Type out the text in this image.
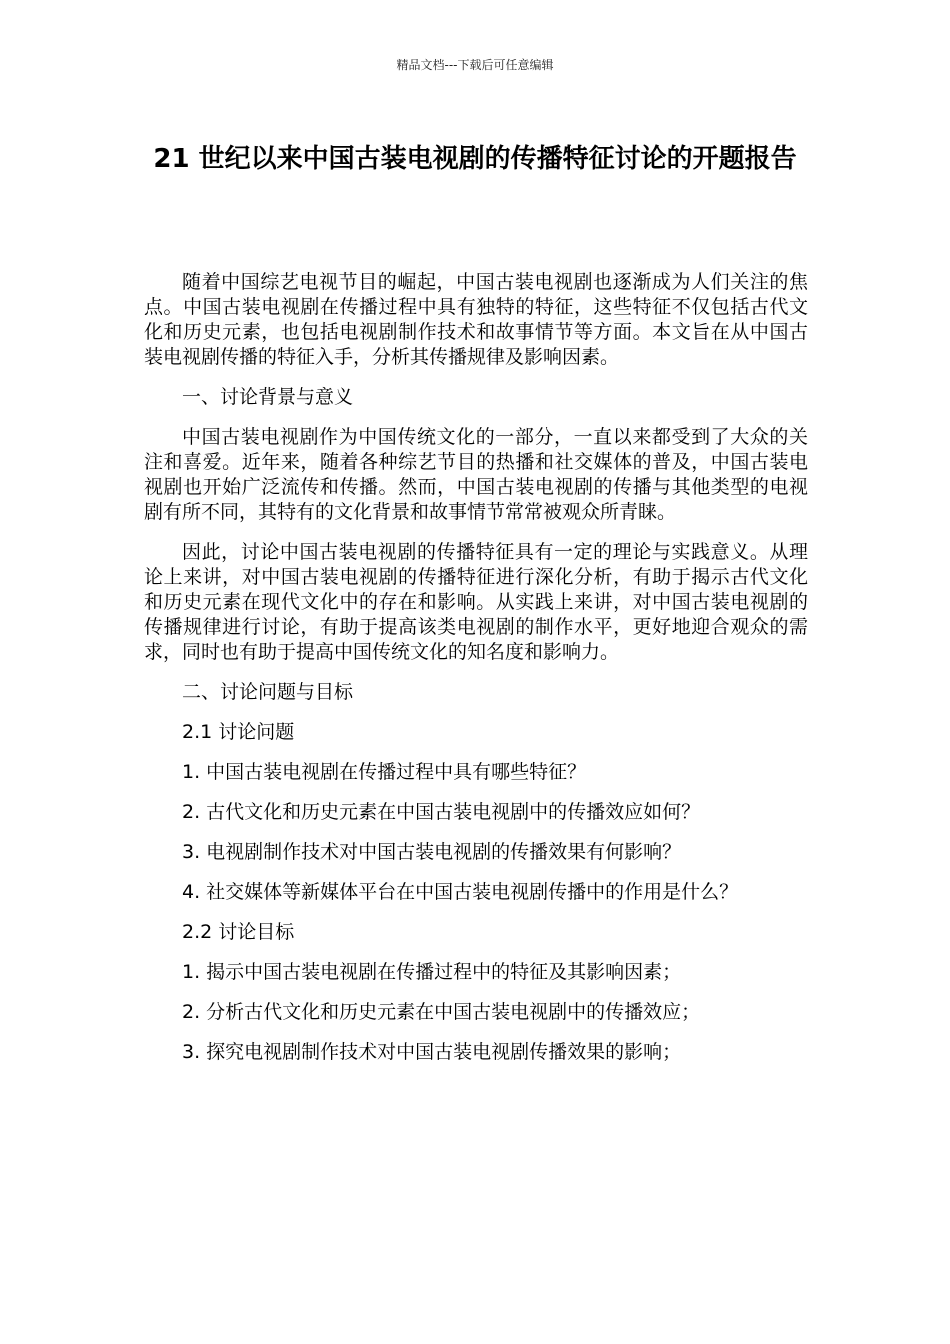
精品文档---下载后可任意编辑
21 世纪以来中国古装电视剧的传播特征讨论的开题报告

随着中国综艺电视节目的崛起，中国古装电视剧也逐渐成为人们关注的焦点。中国古装电视剧在传播过程中具有独特的特征，这些特征不仅包括古代文化和历史元素，也包括电视剧制作技术和故事情节等方面。本文旨在从中国古装电视剧传播的特征入手，分析其传播规律及影响因素。

一、讨论背景与意义

中国古装电视剧作为中国传统文化的一部分，一直以来都受到了大众的关注和喜爱。近年来，随着各种综艺节目的热播和社交媒体的普及，中国古装电视剧也开始广泛流传和传播。然而，中国古装电视剧的传播与其他类型的电视剧有所不同，其特有的文化背景和故事情节常常被观众所青睐。

因此，讨论中国古装电视剧的传播特征具有一定的理论与实践意义。从理论上来讲，对中国古装电视剧的传播特征进行深化分析，有助于揭示古代文化和历史元素在现代文化中的存在和影响。从实践上来讲，对中国古装电视剧的传播规律进行讨论，有助于提高该类电视剧的制作水平，更好地迎合观众的需求，同时也有助于提高中国传统文化的知名度和影响力。

二、讨论问题与目标

2.1 讨论问题

1. 中国古装电视剧在传播过程中具有哪些特征？

2. 古代文化和历史元素在中国古装电视剧中的传播效应如何？

3. 电视剧制作技术对中国古装电视剧的传播效果有何影响？

4. 社交媒体等新媒体平台在中国古装电视剧传播中的作用是什么？

2.2 讨论目标

1. 揭示中国古装电视剧在传播过程中的特征及其影响因素；

2. 分析古代文化和历史元素在中国古装电视剧中的传播效应；

3. 探究电视剧制作技术对中国古装电视剧传播效果的影响；
